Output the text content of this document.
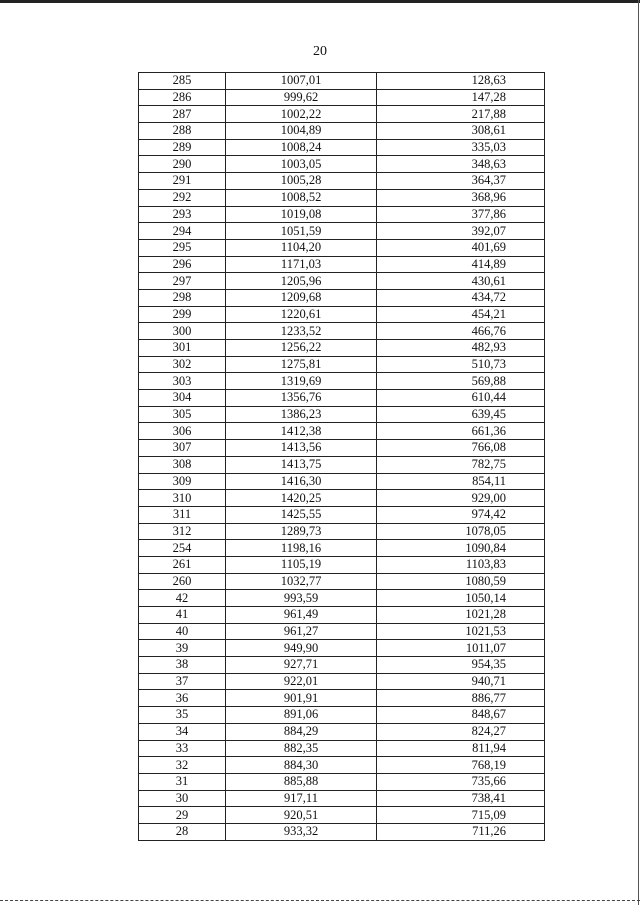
20
285	1007,01	128,63
286	999,62	147,28
287	1002,22	217,88
288	1004,89	308,61
289	1008,24	335,03
290	1003,05	348,63
291	1005,28	364,37
292	1008,52	368,96
293	1019,08	377,86
294	1051,59	392,07
295	1104,20	401,69
296	1171,03	414,89
297	1205,96	430,61
298	1209,68	434,72
299	1220,61	454,21
300	1233,52	466,76
301	1256,22	482,93
302	1275,81	510,73
303	1319,69	569,88
304	1356,76	610,44
305	1386,23	639,45
306	1412,38	661,36
307	1413,56	766,08
308	1413,75	782,75
309	1416,30	854,11
310	1420,25	929,00
311	1425,55	974,42
312	1289,73	1078,05
254	1198,16	1090,84
261	1105,19	1103,83
260	1032,77	1080,59
42	993,59	1050,14
41	961,49	1021,28
40	961,27	1021,53
39	949,90	1011,07
38	927,71	954,35
37	922,01	940,71
36	901,91	886,77
35	891,06	848,67
34	884,29	824,27
33	882,35	811,94
32	884,30	768,19
31	885,88	735,66
30	917,11	738,41
29	920,51	715,09
28	933,32	711,26
